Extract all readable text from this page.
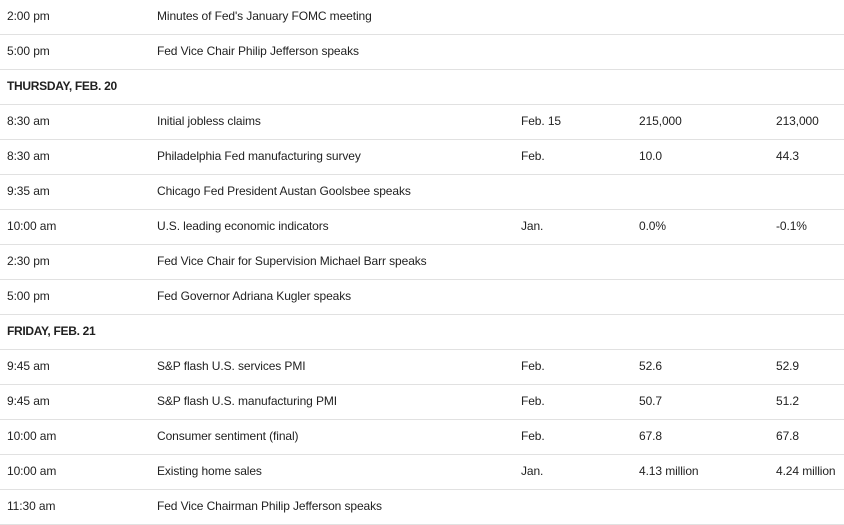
2:00 pm	Minutes of Fed's January FOMC meeting
5:00 pm	Fed Vice Chair Philip Jefferson speaks
THURSDAY, FEB. 20
8:30 am	Initial jobless claims	Feb. 15	215,000	213,000
8:30 am	Philadelphia Fed manufacturing survey	Feb.	10.0	44.3
9:35 am	Chicago Fed President Austan Goolsbee speaks
10:00 am	U.S. leading economic indicators	Jan.	0.0%	-0.1%
2:30 pm	Fed Vice Chair for Supervision Michael Barr speaks
5:00 pm	Fed Governor Adriana Kugler speaks
FRIDAY, FEB. 21
9:45 am	S&P flash U.S. services PMI	Feb.	52.6	52.9
9:45 am	S&P flash U.S. manufacturing PMI	Feb.	50.7	51.2
10:00 am	Consumer sentiment (final)	Feb.	67.8	67.8
10:00 am	Existing home sales	Jan.	4.13 million	4.24 million
11:30 am	Fed Vice Chairman Philip Jefferson speaks
